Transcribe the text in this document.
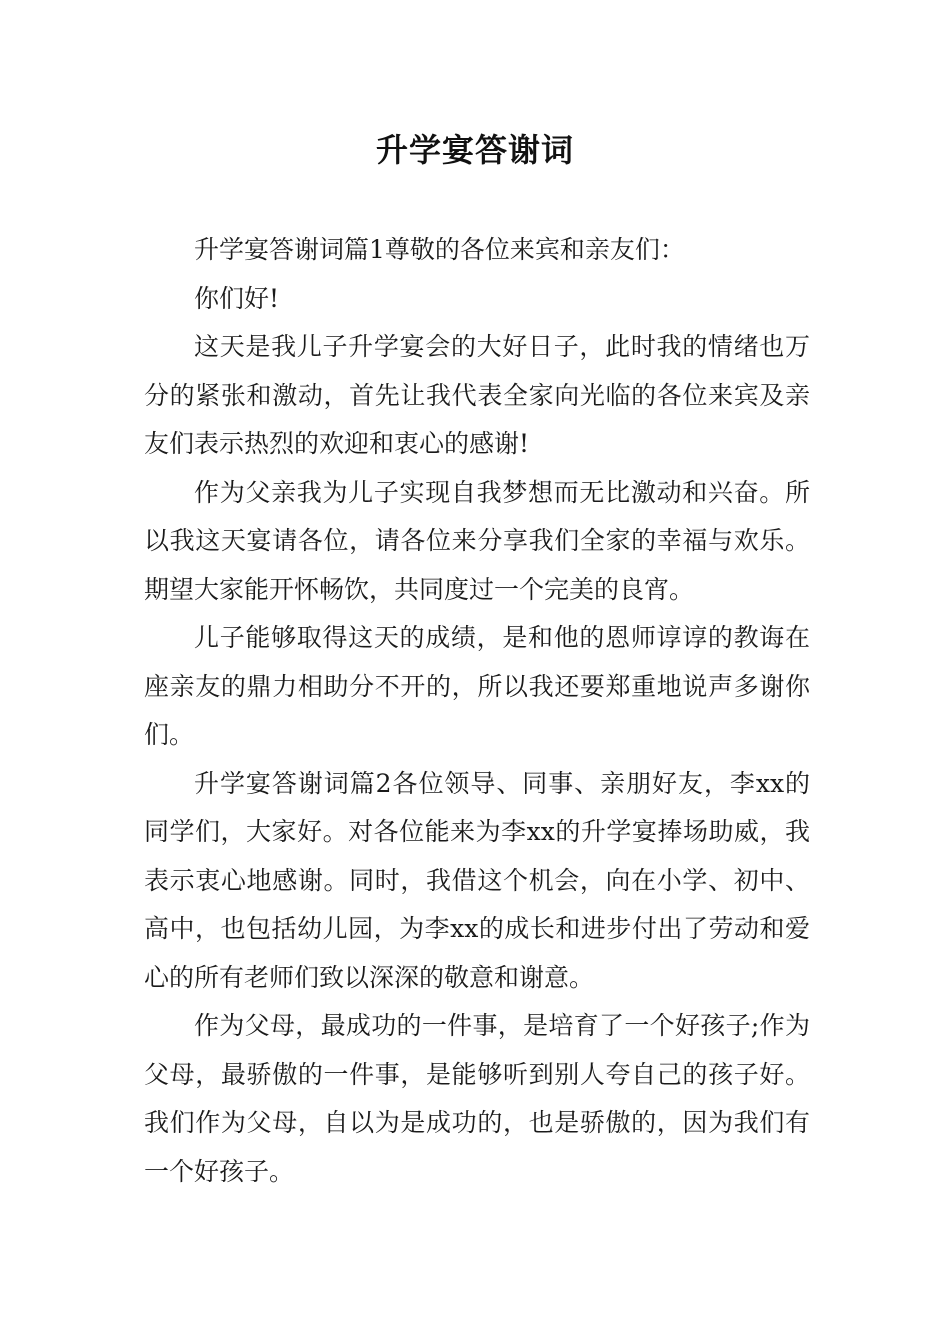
升学宴答谢词

升学宴答谢词篇1尊敬的各位来宾和亲友们：

你们好!

这天是我儿子升学宴会的大好日子，此时我的情绪也万分的紧张和激动，首先让我代表全家向光临的各位来宾及亲友们表示热烈的欢迎和衷心的感谢!

作为父亲我为儿子实现自我梦想而无比激动和兴奋。所以我这天宴请各位，请各位来分享我们全家的幸福与欢乐。期望大家能开怀畅饮，共同度过一个完美的良宵。

儿子能够取得这天的成绩，是和他的恩师谆谆的教诲在座亲友的鼎力相助分不开的，所以我还要郑重地说声多谢你们。

升学宴答谢词篇2各位领导、同事、亲朋好友，李xx的同学们，大家好。对各位能来为李xx的升学宴捧场助威，我表示衷心地感谢。同时，我借这个机会，向在小学、初中、高中，也包括幼儿园，为李xx的成长和进步付出了劳动和爱心的所有老师们致以深深的敬意和谢意。

作为父母，最成功的一件事，是培育了一个好孩子;作为父母，最骄傲的一件事，是能够听到别人夸自己的孩子好。我们作为父母，自以为是成功的，也是骄傲的，因为我们有一个好孩子。
